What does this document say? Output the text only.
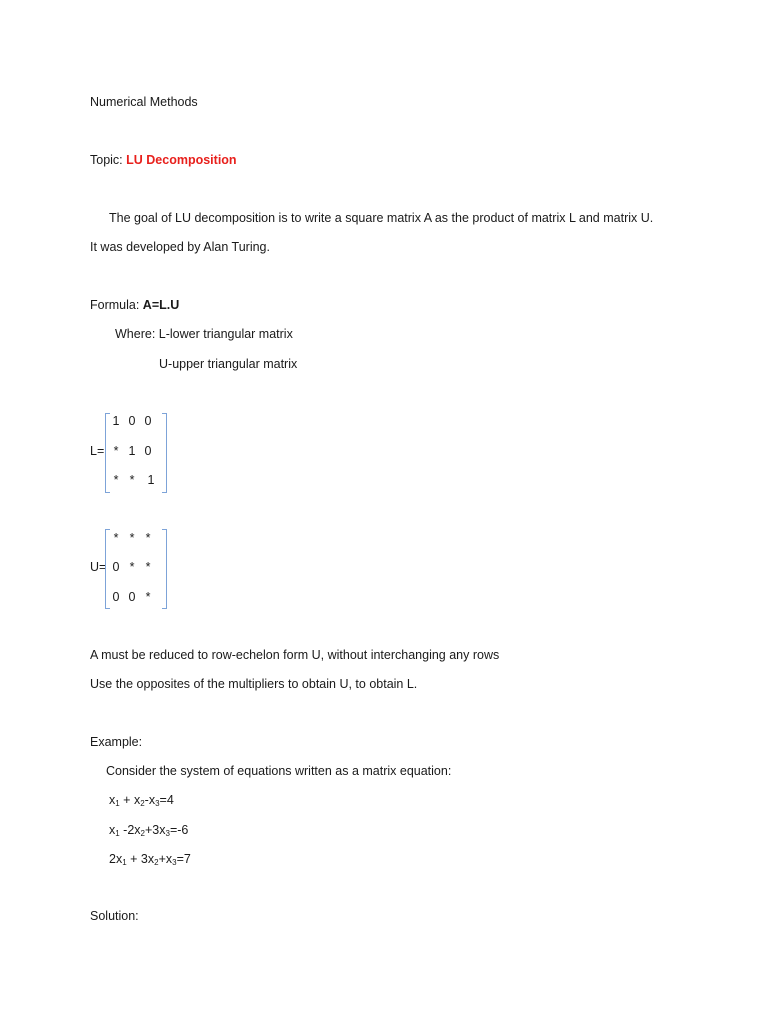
Numerical Methods
Topic: LU Decomposition
The goal of LU decomposition is to write a square matrix A as the product of matrix L and matrix U.
It was developed by Alan Turing.
Formula: A=L.U
Where: L-lower triangular matrix
U-upper triangular matrix
L=
1 0 0
* 1 0
* *	1
U=
* * *
0 * *
0 0 *
A must be reduced to row-echelon form U, without interchanging any rows
Use the opposites of the multipliers to obtain U, to obtain L.
Example:
Consider the system of equations written as a matrix equation:
$x_1 + x_2-x_3=4$
$x_1$ $-2x_2+3x_3=-6$
$2x_1 + 3x_2+x_3=7$
Solution:
